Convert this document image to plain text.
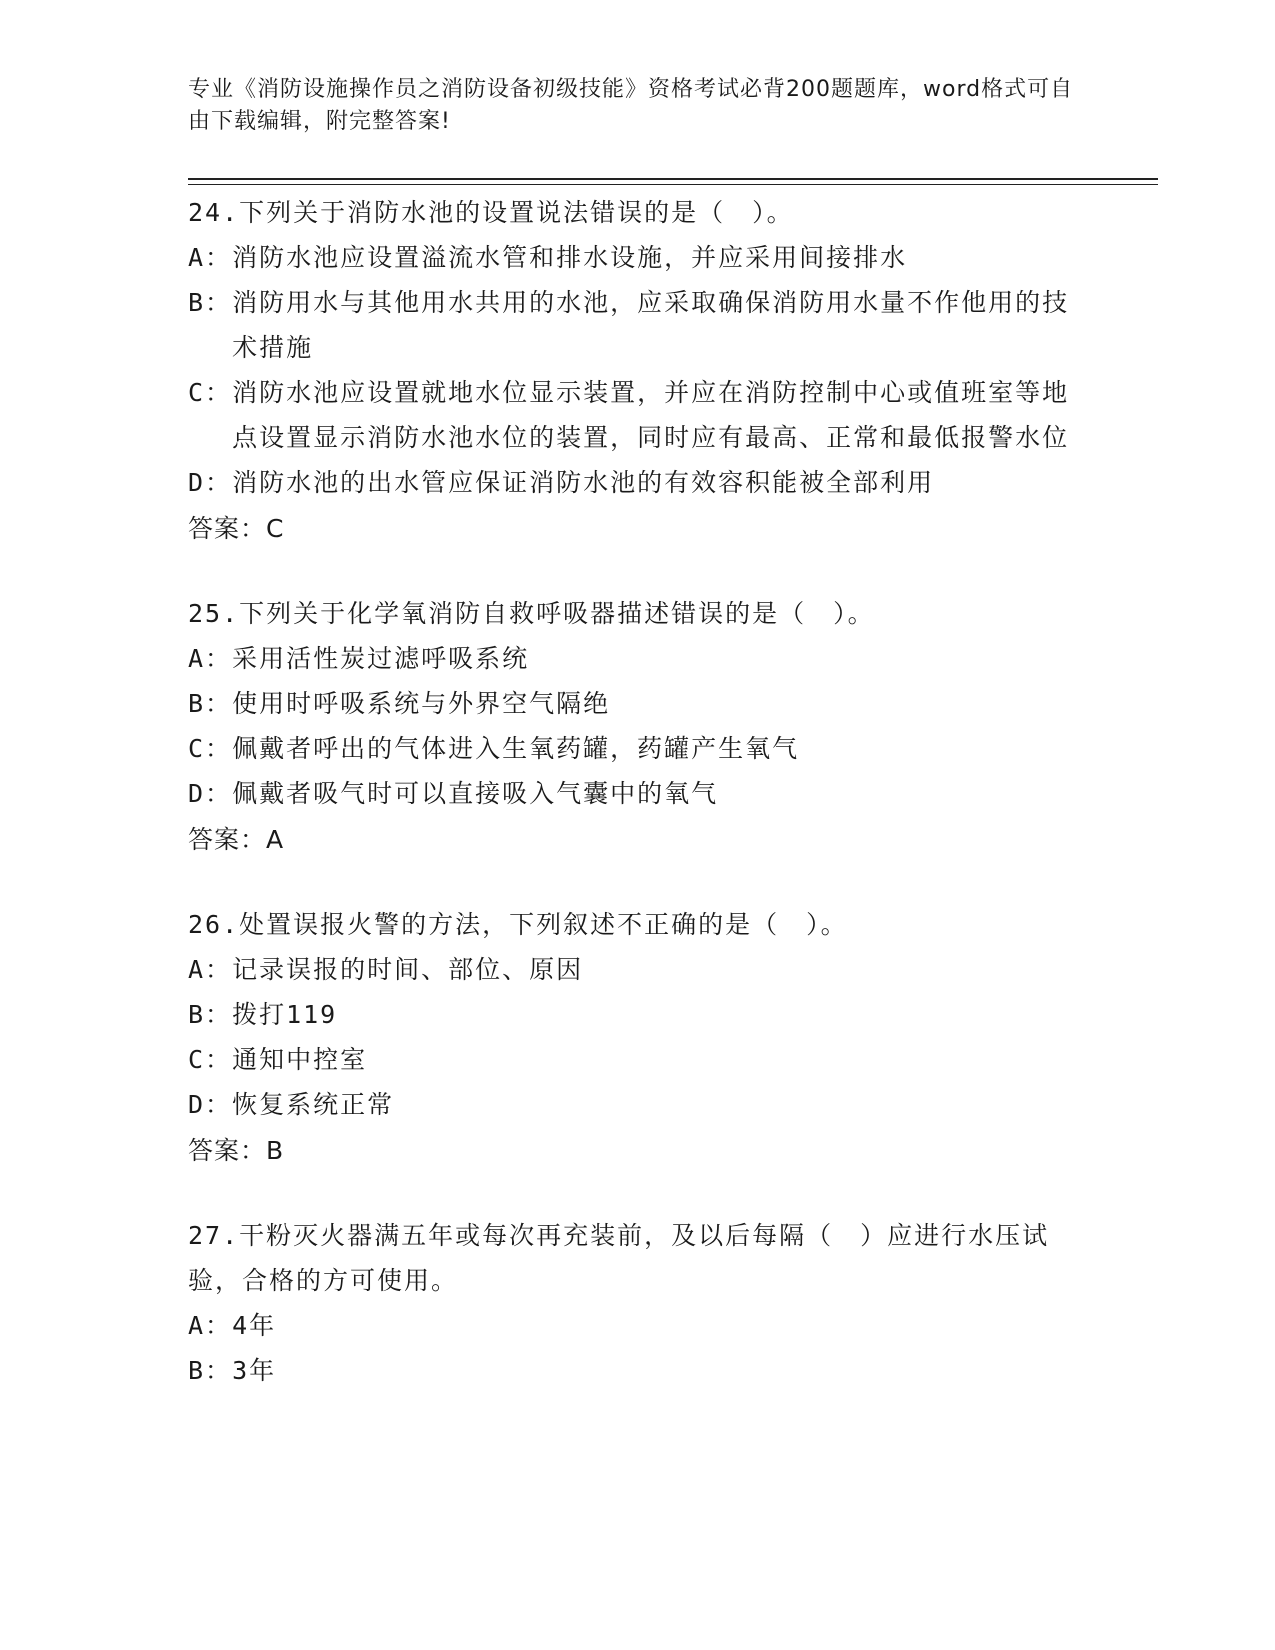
专业《消防设施操作员之消防设备初级技能》资格考试必背200题题库，word格式可自由下载编辑，附完整答案!
24.下列关于消防水池的设置说法错误的是（　）。
A： 消防水池应设置溢流水管和排水设施，并应采用间接排水
B： 消防用水与其他用水共用的水池，应采取确保消防用水量不作他用的技术措施
C： 消防水池应设置就地水位显示装置，并应在消防控制中心或值班室等地点设置显示消防水池水位的装置，同时应有最高、正常和最低报警水位
D： 消防水池的出水管应保证消防水池的有效容积能被全部利用
答案：C
25.下列关于化学氧消防自救呼吸器描述错误的是（　）。
A： 采用活性炭过滤呼吸系统
B： 使用时呼吸系统与外界空气隔绝
C： 佩戴者呼出的气体进入生氧药罐，药罐产生氧气
D： 佩戴者吸气时可以直接吸入气囊中的氧气
答案：A
26.处置误报火警的方法，下列叙述不正确的是（　）。
A： 记录误报的时间、部位、原因
B： 拨打119
C： 通知中控室
D： 恢复系统正常
答案：B
27.干粉灭火器满五年或每次再充装前，及以后每隔（　）应进行水压试验，合格的方可使用。
A： 4年
B： 3年
